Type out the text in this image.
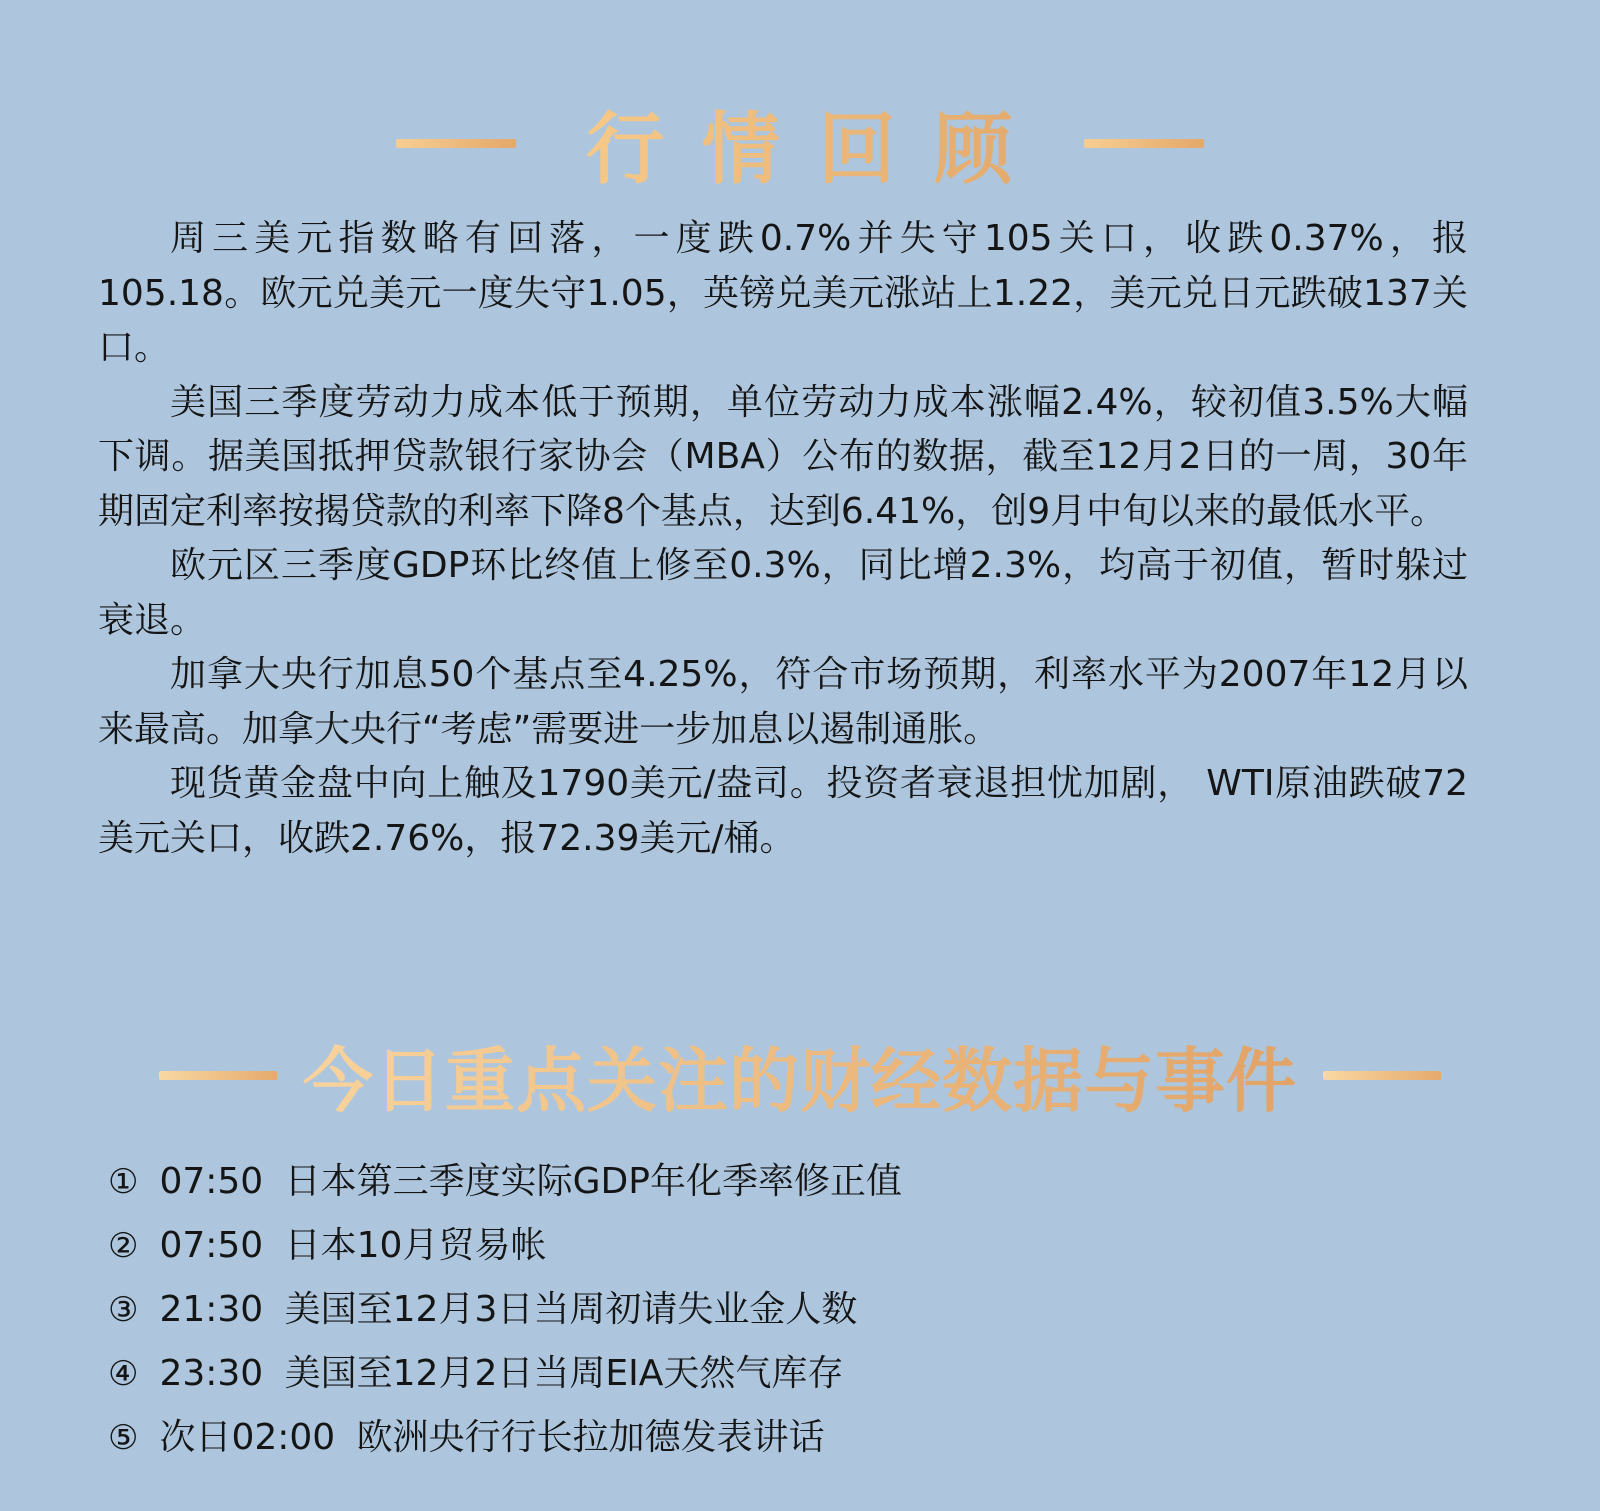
行情回顾

周三美元指数略有回落，一度跌0.7%并失守105关口，收跌0.37%，报105.18。欧元兑美元一度失守1.05，英镑兑美元涨站上1.22，美元兑日元跌破137关口。

美国三季度劳动力成本低于预期，单位劳动力成本涨幅2.4%，较初值3.5%大幅下调。据美国抵押贷款银行家协会（MBA）公布的数据，截至12月2日的一周，30年期固定利率按揭贷款的利率下降8个基点，达到6.41%，创9月中旬以来的最低水平。

欧元区三季度GDP环比终值上修至0.3%，同比增2.3%，均高于初值，暂时躲过衰退。

加拿大央行加息50个基点至4.25%，符合市场预期，利率水平为2007年12月以来最高。加拿大央行“考虑”需要进一步加息以遏制通胀。

现货黄金盘中向上触及1790美元/盎司。投资者衰退担忧加剧， WTI原油跌破72美元关口，收跌2.76%，报72.39美元/桶。

今日重点关注的财经数据与事件
① 07:50 日本第三季度实际GDP年化季率修正值
② 07:50 日本10月贸易帐
③ 21:30 美国至12月3日当周初请失业金人数
④ 23:30 美国至12月2日当周EIA天然气库存
⑤ 次日02:00 欧洲央行行长拉加德发表讲话
